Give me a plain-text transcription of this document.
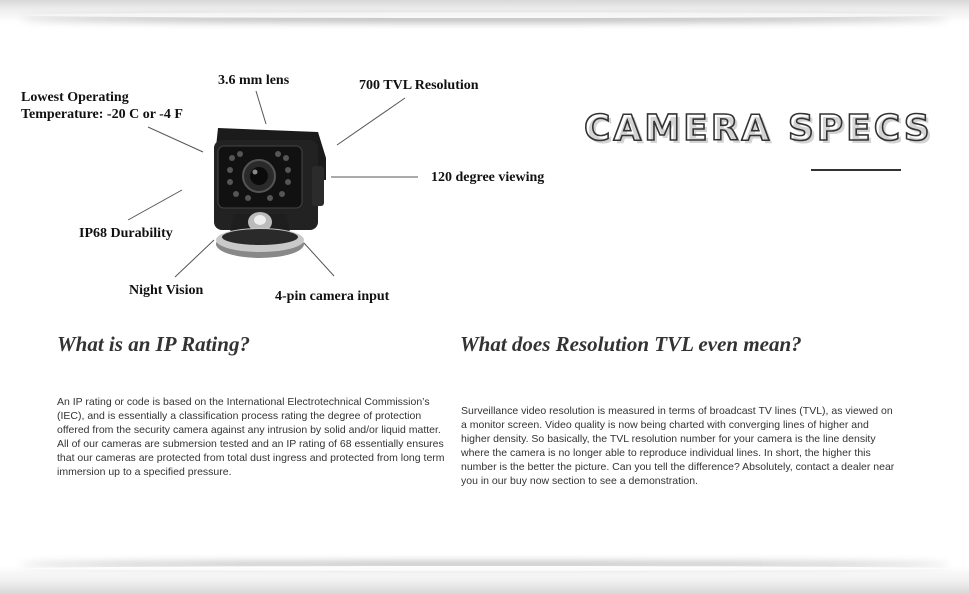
Lowest Operating
Temperature: -20 C or -4 F
3.6 mm lens	700 TVL Resolution
120 degree viewing
IP68 Durability
Night Vision	4-pin camera input
CAMERA SPECS
What is an IP Rating?
An IP rating or code is based on the International Electrotechnical Commission’s (IEC), and is essentially a classification process rating the degree of protection offered from the security camera against any intrusion by solid and/or liquid matter. All of our cameras are submersion tested and an IP rating of 68 essentially ensures that our cameras are protected from total dust ingress and protected from long term immersion up to a specified pressure.
What does Resolution TVL even mean?
Surveillance video resolution is measured in terms of broadcast TV lines (TVL), as viewed on a monitor screen. Video quality is now being charted with converging lines of higher and higher density. So basically, the TVL resolution number for your camera is the line density where the camera is no longer able to reproduce individual lines. In short, the higher this number is the better the picture. Can you tell the difference? Absolutely, contact a dealer near you in our buy now section to see a demonstration.
